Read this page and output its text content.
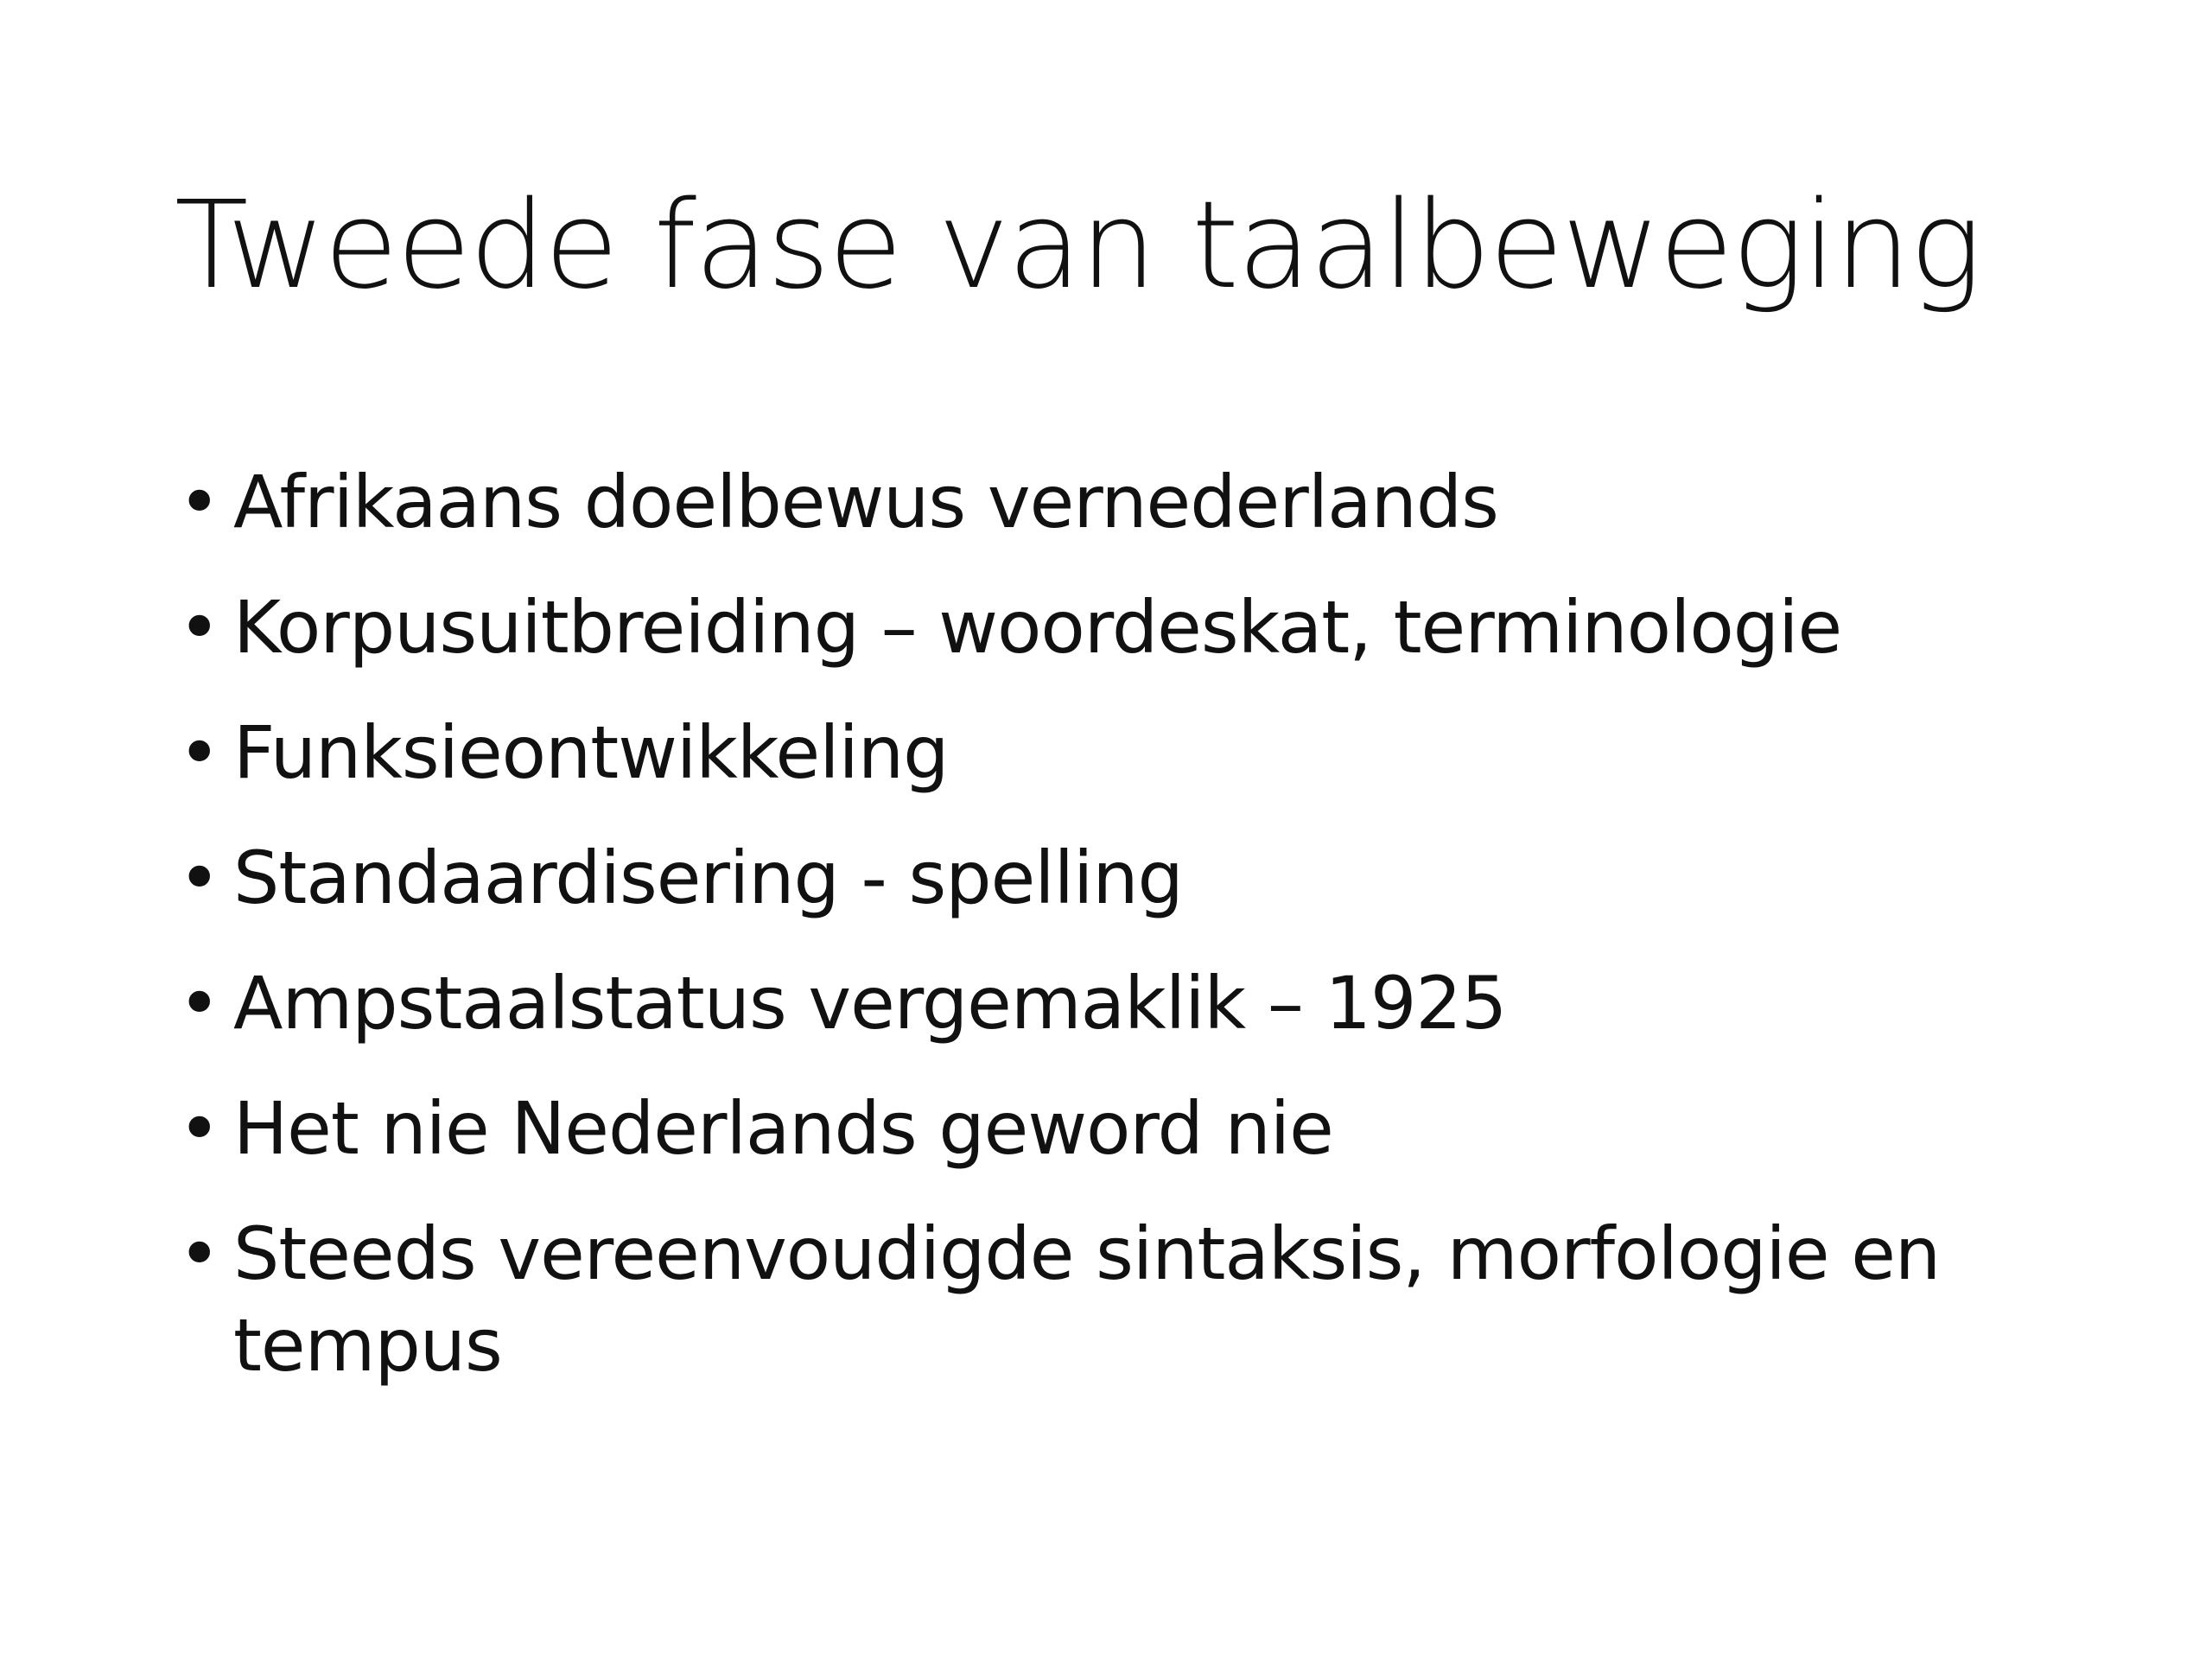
Tweede fase van taalbeweging
• Afrikaans doelbewus vernederlands
• Korpusuitbreiding – woordeskat, terminologie
• Funksieontwikkeling
• Standaardisering - spelling
• Ampstaalstatus vergemaklik – 1925
• Het nie Nederlands geword nie
• Steeds vereenvoudigde sintaksis, morfologie en tempus
